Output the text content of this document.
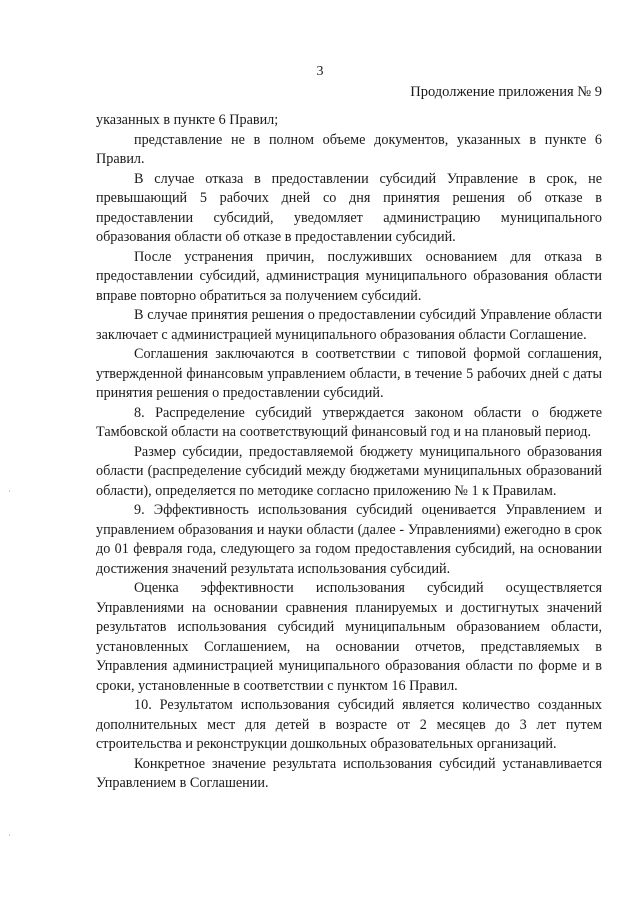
3
Продолжение приложения № 9
·
·

указанных в пункте 6 Правил;

представление не в полном объеме документов, указанных в пункте 6 Правил.

В случае отказа в предоставлении субсидий Управление в срок, не превышающий 5 рабочих дней со дня принятия решения об отказе в предоставлении субсидий, уведомляет администрацию муниципального образования области об отказе в предоставлении субсидий.

После устранения причин, послуживших основанием для отказа в предоставлении субсидий, администрация муниципального образования области вправе повторно обратиться за получением субсидий.

В случае принятия решения о предоставлении субсидий Управление области заключает с администрацией муниципального образования области Соглашение.

Соглашения заключаются в соответствии с типовой формой соглашения, утвержденной финансовым управлением области, в течение 5 рабочих дней с даты принятия решения о предоставлении субсидий.

8. Распределение субсидий утверждается законом области о бюджете Тамбовской области на соответствующий финансовый год и на плановый период.

Размер субсидии, предоставляемой бюджету муниципального образования области (распределение субсидий между бюджетами муниципальных образований области), определяется по методике согласно приложению № 1 к Правилам.

9. Эффективность использования субсидий оценивается Управлением и управлением образования и науки области (далее - Управлениями) ежегодно в срок до 01 февраля года, следующего за годом предоставления субсидий, на основании достижения значений результата использования субсидий.

Оценка эффективности использования субсидий осуществляется Управлениями на основании сравнения планируемых и достигнутых значений результатов использования субсидий муниципальным образованием области, установленных Соглашением, на основании отчетов, представляемых в Управления администрацией муниципального образования области по форме и в сроки, установленные в соответствии с пунктом 16 Правил.

10. Результатом использования субсидий является количество созданных дополнительных мест для детей в возрасте от 2 месяцев до 3 лет путем строительства и реконструкции дошкольных образовательных организаций.

Конкретное значение результата использования субсидий устанавливается Управлением в Соглашении.
